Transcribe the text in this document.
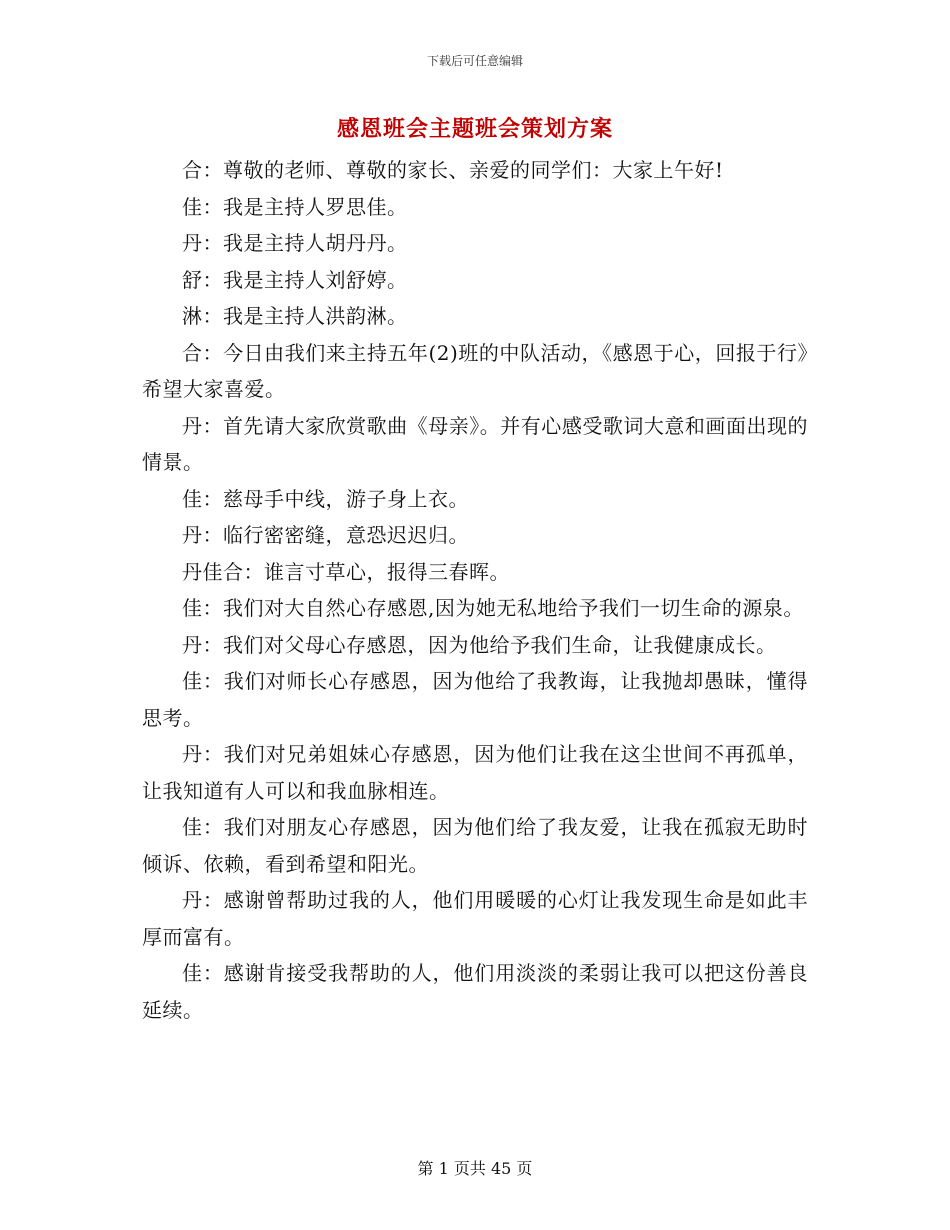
下载后可任意编辑
感恩班会主题班会策划方案

合：尊敬的老师、尊敬的家长、亲爱的同学们：大家上午好!

佳：我是主持人罗思佳。

丹：我是主持人胡丹丹。

舒：我是主持人刘舒婷。

淋：我是主持人洪韵淋。

合：今日由我们来主持五年(2)班的中队活动，《感恩于心，回报于行》希望大家喜爱。

丹：首先请大家欣赏歌曲《母亲》。并有心感受歌词大意和画面出现的情景。

佳：慈母手中线，游子身上衣。

丹：临行密密缝，意恐迟迟归。

丹佳合：谁言寸草心，报得三春晖。

佳：我们对大自然心存感恩,因为她无私地给予我们一切生命的源泉。

丹：我们对父母心存感恩，因为他给予我们生命，让我健康成长。

佳：我们对师长心存感恩，因为他给了我教诲，让我抛却愚昧，懂得思考。

丹：我们对兄弟姐妹心存感恩，因为他们让我在这尘世间不再孤单，让我知道有人可以和我血脉相连。

佳：我们对朋友心存感恩，因为他们给了我友爱，让我在孤寂无助时倾诉、依赖，看到希望和阳光。

丹：感谢曾帮助过我的人，他们用暖暖的心灯让我发现生命是如此丰厚而富有。

佳：感谢肯接受我帮助的人，他们用淡淡的柔弱让我可以把这份善良延续。

第 1 页共 45 页
